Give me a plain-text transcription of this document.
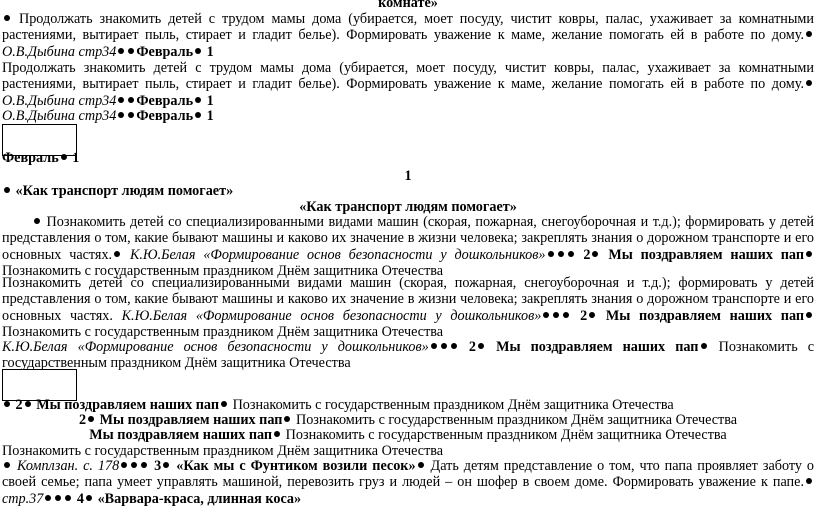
комнате»
Продолжать знакомить детей с трудом мамы дома (убирается, моет посуду, чистит ковры, палас, ухаживает за комнатными растениями, вытирает пыль, стирает и гладит белье). Формировать уважение к маме, желание помогать ей в работе по дому. О.В.Дыбина стр34 Февраль 1
Продолжать знакомить детей с трудом мамы дома (убирается, моет посуду, чистит ковры, палас, ухаживает за комнатными растениями, вытирает пыль, стирает и гладит белье). Формировать уважение к маме, желание помогать ей в работе по дому. О.В.Дыбина стр34 Февраль 1
О.В.Дыбина стр34 Февраль 1
Февраль 1
1
«Как транспорт людям помогает»
«Как транспорт людям помогает»
Познакомить детей со специализированными видами машин (скорая, пожарная, снегоуборочная и т.д.); формировать у детей представления о том, какие бывают машины и каково их значение в жизни человека; закреплять знания о дорожном транспорте и его основных частях. К.Ю.Белая «Формирование основ безопасности у дошкольников»	2 Мы поздравляем наших пап Познакомить с государственным праздником Днём защитника Отечества
Познакомить детей со специализированными видами машин (скорая, пожарная, снегоуборочная и т.д.); формировать у детей представления о том, какие бывают машины и каково их значение в жизни человека; закреплять знания о дорожном транспорте и его основных частях. К.Ю.Белая «Формирование основ безопасности у дошкольников»	2 Мы поздравляем наших пап Познакомить с государственным праздником Днём защитника Отечества
К.Ю.Белая «Формирование основ безопасности у дошкольников»	2 Мы поздравляем наших пап Познакомить с государственным праздником Днём защитника Отечества
2 Мы поздравляем наших пап Познакомить с государственным праздником Днём защитника Отечества
2 Мы поздравляем наших пап Познакомить с государственным праздником Днём защитника Отечества
Мы поздравляем наших пап Познакомить с государственным праздником Днём защитника Отечества
Познакомить с государственным праздником Днём защитника Отечества
Комплзан. с. 178 3 «Как мы с Фунтиком возили песок» Дать детям представление о том, что папа проявляет заботу о своей семье; папа умеет управлять машиной, перевозить груз и людей – он шофер в своем доме. Формировать уважение к папе. стр.37 4 «Варвара-краса, длинная коса»
